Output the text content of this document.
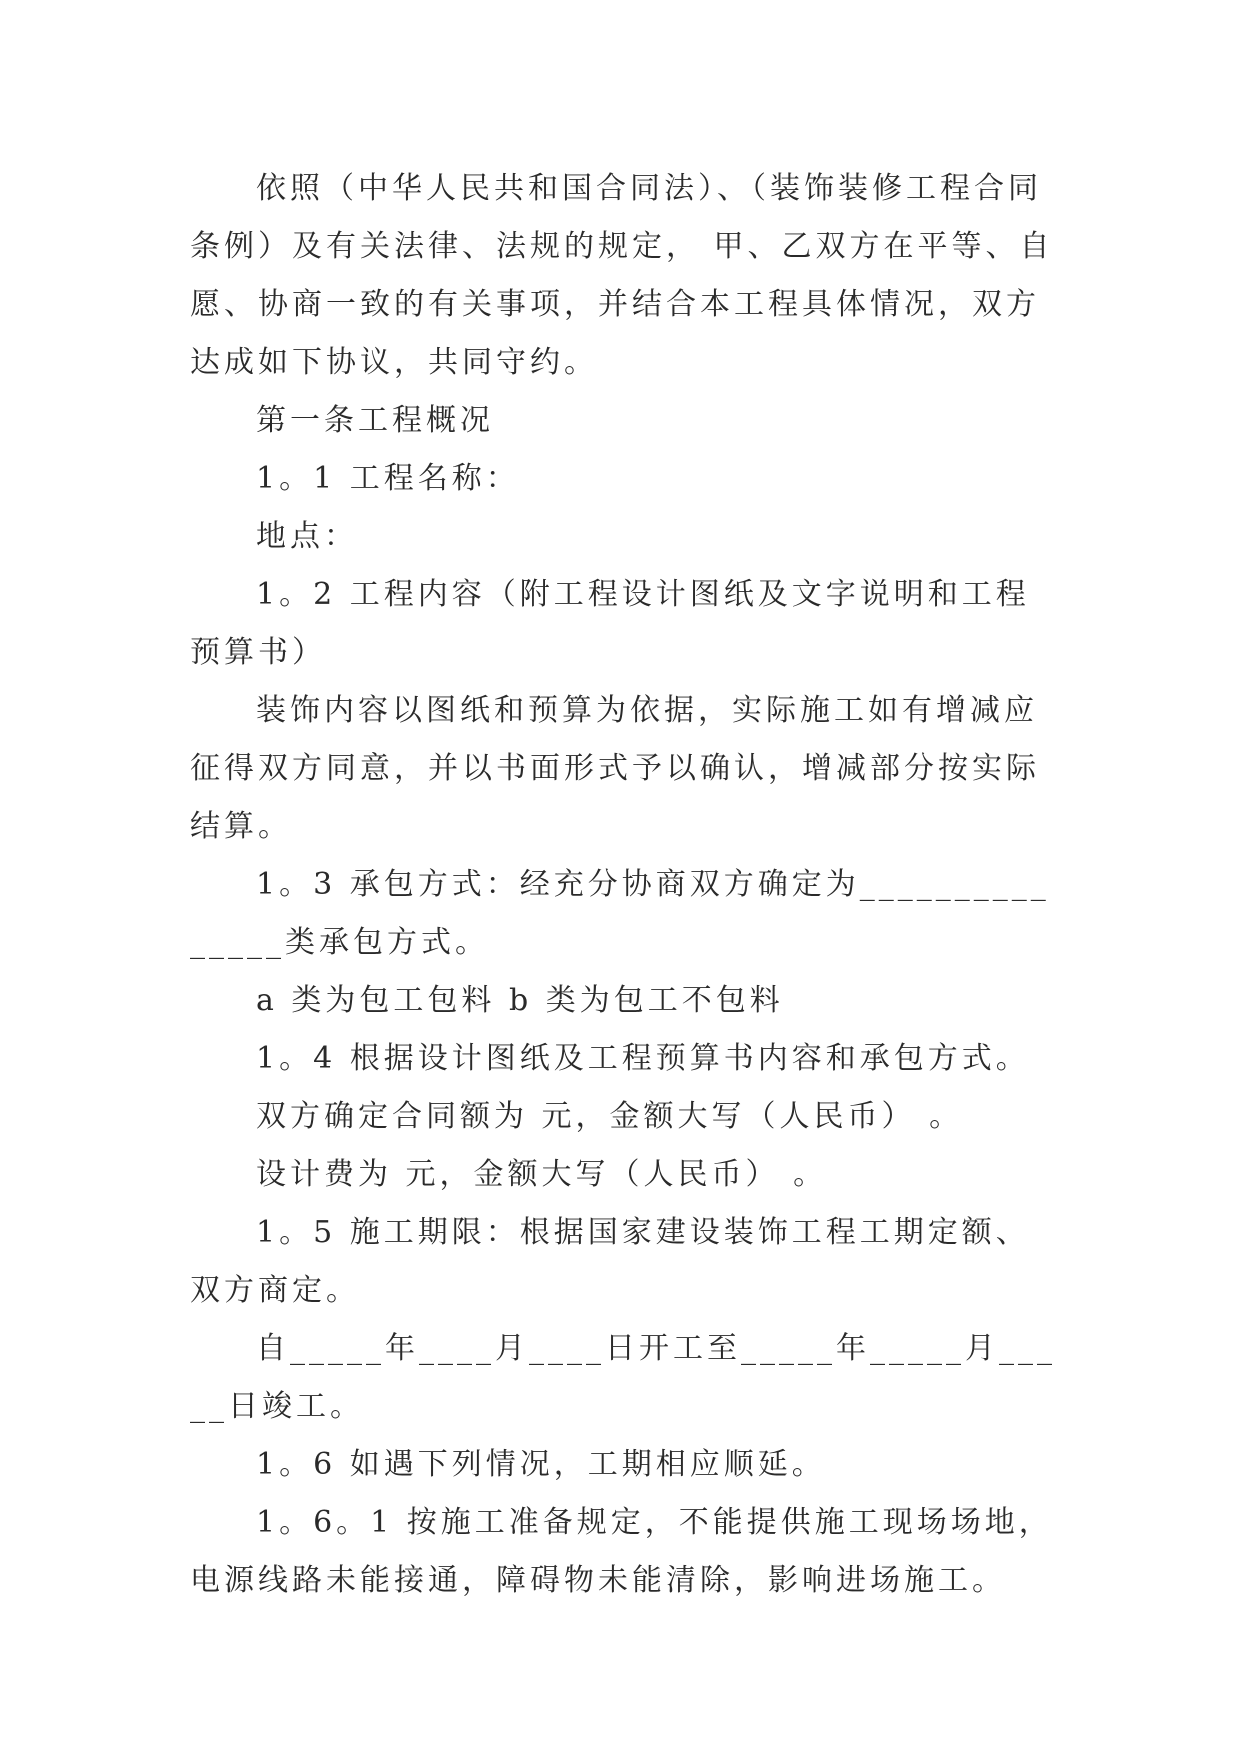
依照（中华人民共和国合同法）、（装饰装修工程合同条例）及有关法律、法规的规定， 甲、乙双方在平等、自愿、协商一致的有关事项，并结合本工程具体情况，双方达成如下协议，共同守约。

第一条工程概况

1。1 工程名称：

地点：

1。2 工程内容（附工程设计图纸及文字说明和工程预算书）

装饰内容以图纸和预算为依据，实际施工如有增减应征得双方同意，并以书面形式予以确认，增减部分按实际结算。

1。3 承包方式：经充分协商双方确定为_______________类承包方式。

a 类为包工包料 b 类为包工不包料

1。4 根据设计图纸及工程预算书内容和承包方式。

双方确定合同额为 元，金额大写（人民币） 。

设计费为 元，金额大写（人民币） 。

1。5 施工期限：根据国家建设装饰工程工期定额、双方商定。

自_____年____月____日开工至_____年_____月_____日竣工。

1。6 如遇下列情况，工期相应顺延。

1。6。1 按施工准备规定，不能提供施工现场场地，电源线路未能接通，障碍物未能清除，影响进场施工。
